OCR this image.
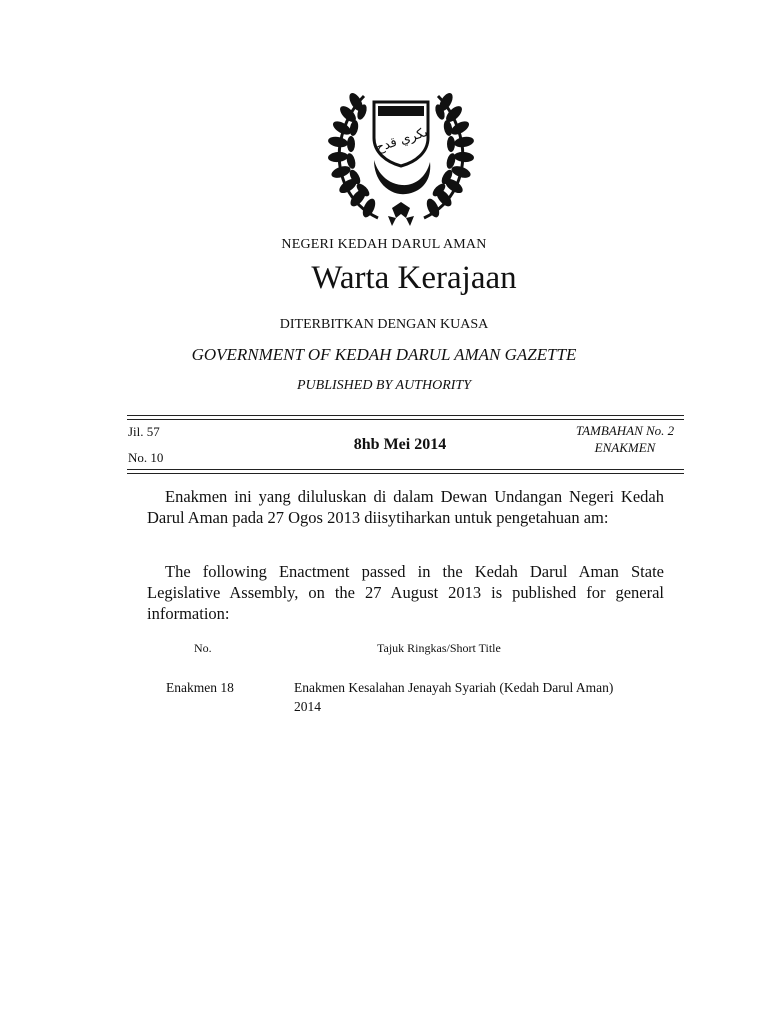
بکري قدح
NEGERI KEDAH DARUL AMAN
Warta Kerajaan
DITERBITKAN DENGAN KUASA
GOVERNMENT OF KEDAH DARUL AMAN GAZETTE
PUBLISHED BY AUTHORITY
Jil. 57
No. 10
8hb Mei 2014
TAMBAHAN No. 2
ENAKMEN
Enakmen ini yang diluluskan di dalam Dewan Undangan Negeri Kedah Darul Aman pada 27 Ogos 2013 diisytiharkan untuk pengetahuan am:
The following Enactment passed in the Kedah Darul Aman State Legislative Assembly, on the 27 August 2013 is published for general information:
No.	Tajuk Ringkas/Short Title
Enakmen 18	Enakmen Kesalahan Jenayah Syariah (Kedah Darul Aman)
2014
